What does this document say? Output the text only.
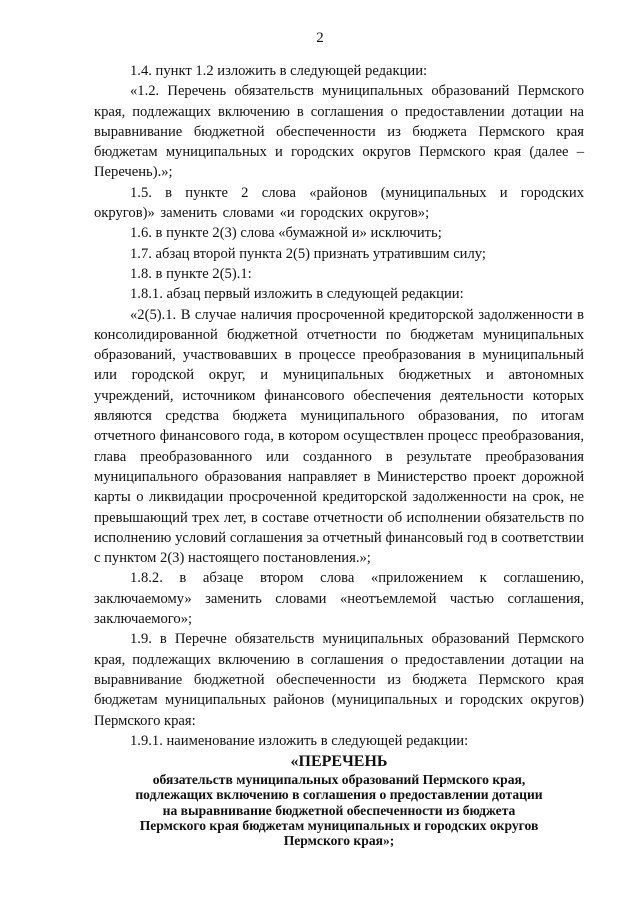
2

1.4. пункт 1.2 изложить в следующей редакции:

«1.2. Перечень обязательств муниципальных образований Пермского края, подлежащих включению в соглашения о предоставлении дотации на выравнивание бюджетной обеспеченности из бюджета Пермского края бюджетам муниципальных и городских округов Пермского края (далее – Перечень).»;

1.5. в пункте 2 слова «районов (муниципальных и городских округов)» заменить словами «и городских округов»;

1.6. в пункте 2(3) слова «бумажной и» исключить;

1.7. абзац второй пункта 2(5) признать утратившим силу;

1.8. в пункте 2(5).1:

1.8.1. абзац первый изложить в следующей редакции:

«2(5).1. В случае наличия просроченной кредиторской задолженности в консолидированной бюджетной отчетности по бюджетам муниципальных образований, участвовавших в процессе преобразования в муниципальный или городской округ, и муниципальных бюджетных и автономных учреждений, источником финансового обеспечения деятельности которых являются средства бюджета муниципального образования, по итогам отчетного финансового года, в котором осуществлен процесс преобразования, глава преобразованного или созданного в результате преобразования муниципального образования направляет в Министерство проект дорожной карты о ликвидации просроченной кредиторской задолженности на срок, не превышающий трех лет, в составе отчетности об исполнении обязательств по исполнению условий соглашения за отчетный финансовый год в соответствии с пунктом 2(3) настоящего постановления.»;

1.8.2. в абзаце втором слова «приложением к соглашению, заключаемому» заменить словами «неотъемлемой частью соглашения, заключаемого»;

1.9. в Перечне обязательств муниципальных образований Пермского края, подлежащих включению в соглашения о предоставлении дотации на выравнивание бюджетной обеспеченности из бюджета Пермского края бюджетам муниципальных районов (муниципальных и городских округов) Пермского края:

1.9.1. наименование изложить в следующей редакции:

«ПЕРЕЧЕНЬ

обязательств муниципальных образований Пермского края,
подлежащих включению в соглашения о предоставлении дотации
на выравнивание бюджетной обеспеченности из бюджета
Пермского края бюджетам муниципальных и городских округов
Пермского края»;
